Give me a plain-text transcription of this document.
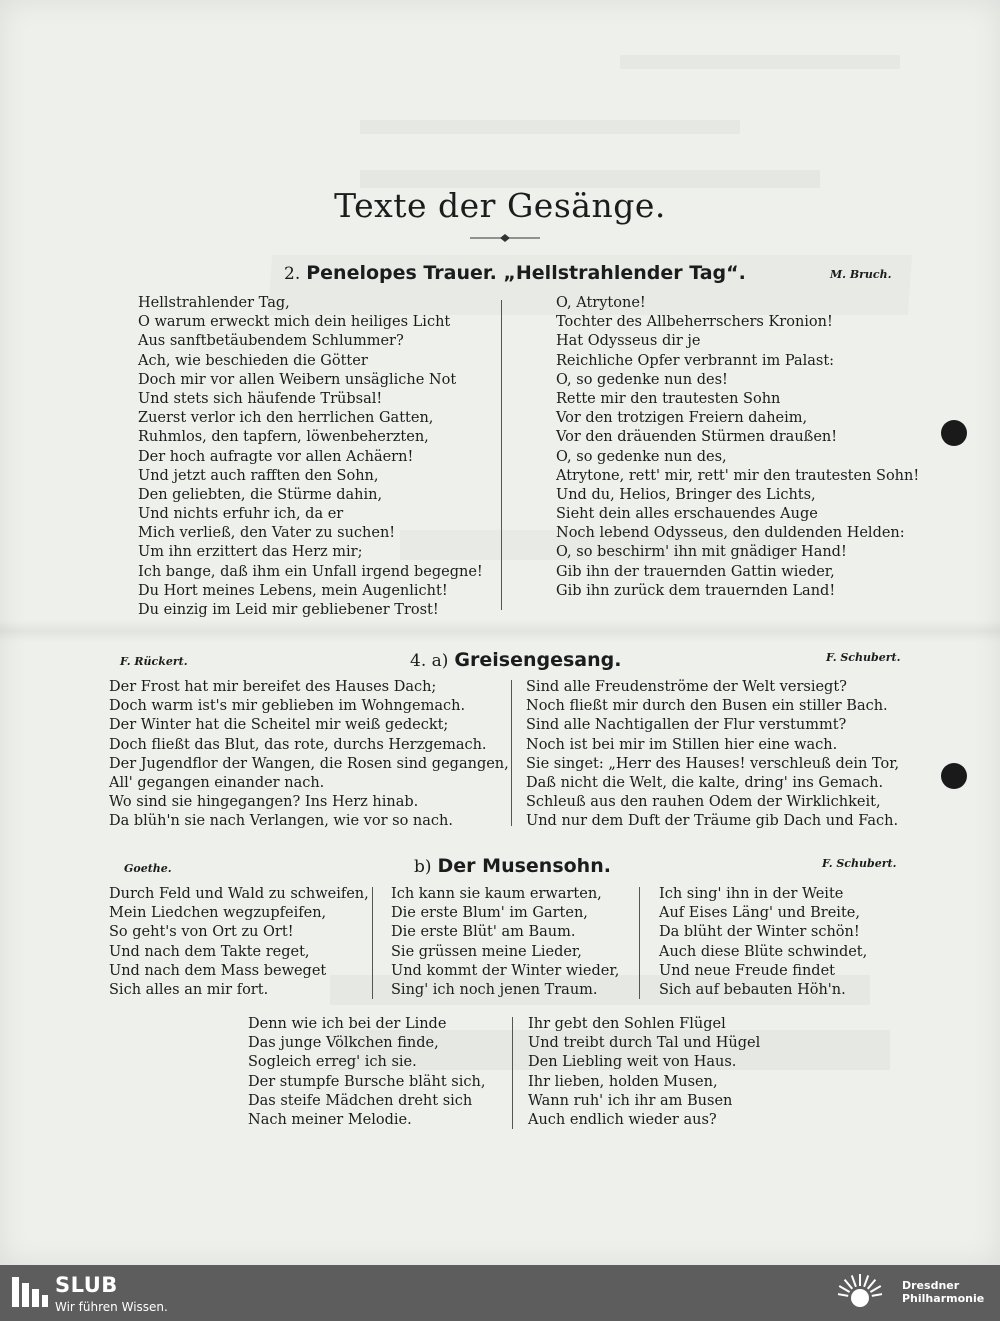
Texte der Gesänge.
2. Penelopes Trauer. „Hellstrahlender Tag“.	M. Bruch.
Hellstrahlender Tag,
O warum erweckt mich dein heiliges Licht
Aus sanftbetäubendem Schlummer?
Ach, wie beschieden die Götter
Doch mir vor allen Weibern unsägliche Not
Und stets sich häufende Trübsal!
Zuerst verlor ich den herrlichen Gatten,
Ruhmlos, den tapfern, löwenbeherzten,
Der hoch aufragte vor allen Achäern!
Und jetzt auch rafften den Sohn,
Den geliebten, die Stürme dahin,
Und nichts erfuhr ich, da er
Mich verließ, den Vater zu suchen!
Um ihn erzittert das Herz mir;
Ich bange, daß ihm ein Unfall irgend begegne!
Du Hort meines Lebens, mein Augenlicht!
Du einzig im Leid mir gebliebener Trost!
O, Atrytone!
Tochter des Allbeherrschers Kronion!
Hat Odysseus dir je
Reichliche Opfer verbrannt im Palast:
O, so gedenke nun des!
Rette mir den trautesten Sohn
Vor den trotzigen Freiern daheim,
Vor den dräuenden Stürmen draußen!
O, so gedenke nun des,
Atrytone, rett' mir, rett' mir den trautesten Sohn!
Und du, Helios, Bringer des Lichts,
Sieht dein alles erschauendes Auge
Noch lebend Odysseus, den duldenden Helden:
O, so beschirm' ihn mit gnädiger Hand!
Gib ihn der trauernden Gattin wieder,
Gib ihn zurück dem trauernden Land!
F. Rückert.	4. a) Greisengesang.	F. Schubert.
Der Frost hat mir bereifet des Hauses Dach;
Doch warm ist's mir geblieben im Wohngemach.
Der Winter hat die Scheitel mir weiß gedeckt;
Doch fließt das Blut, das rote, durchs Herzgemach.
Der Jugendflor der Wangen, die Rosen sind gegangen,
All' gegangen einander nach.
Wo sind sie hingegangen? Ins Herz hinab.
Da blüh'n sie nach Verlangen, wie vor so nach.
Sind alle Freudenströme der Welt versiegt?
Noch fließt mir durch den Busen ein stiller Bach.
Sind alle Nachtigallen der Flur verstummt?
Noch ist bei mir im Stillen hier eine wach.
Sie singet: „Herr des Hauses! verschleuß dein Tor,
Daß nicht die Welt, die kalte, dring' ins Gemach.
Schleuß aus den rauhen Odem der Wirklichkeit,
Und nur dem Duft der Träume gib Dach und Fach.
Goethe.	b) Der Musensohn.	F. Schubert.
Durch Feld und Wald zu schweifen,
Mein Liedchen wegzupfeifen,
So geht's von Ort zu Ort!
Und nach dem Takte reget,
Und nach dem Mass beweget
Sich alles an mir fort.
Ich kann sie kaum erwarten,
Die erste Blum' im Garten,
Die erste Blüt' am Baum.
Sie grüssen meine Lieder,
Und kommt der Winter wieder,
Sing' ich noch jenen Traum.
Ich sing' ihn in der Weite
Auf Eises Läng' und Breite,
Da blüht der Winter schön!
Auch diese Blüte schwindet,
Und neue Freude findet
Sich auf bebauten Höh'n.
Denn wie ich bei der Linde
Das junge Völkchen finde,
Sogleich erreg' ich sie.
Der stumpfe Bursche bläht sich,
Das steife Mädchen dreht sich
Nach meiner Melodie.
Ihr gebt den Sohlen Flügel
Und treibt durch Tal und Hügel
Den Liebling weit von Haus.
Ihr lieben, holden Musen,
Wann ruh' ich ihr am Busen
Auch endlich wieder aus?
SLUB
Wir führen Wissen.
Dresdner
Philharmonie
